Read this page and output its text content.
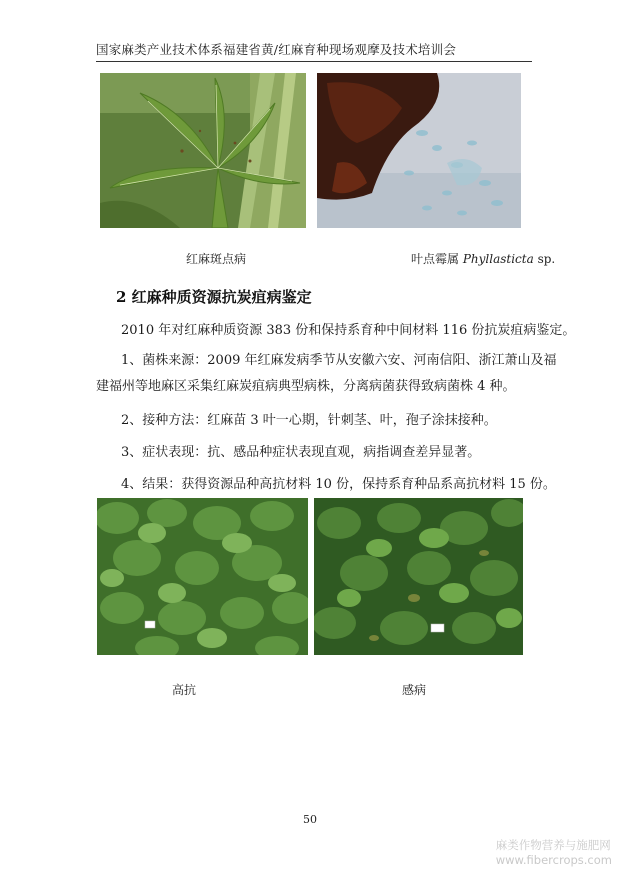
国家麻类产业技术体系福建省黄/红麻育种现场观摩及技术培训会
红麻斑点病	叶点霉属 Phyllasticta sp.
2 红麻种质资源抗炭疽病鉴定
2010 年对红麻种质资源 383 份和保持系育种中间材料 116 份抗炭疽病鉴定。
1、菌株来源：2009 年红麻发病季节从安徽六安、河南信阳、浙江萧山及福
建福州等地麻区采集红麻炭疽病典型病株，分离病菌获得致病菌株 4 种。
2、接种方法：红麻苗 3 叶一心期，针刺茎、叶，孢子涂抹接种。
3、症状表现：抗、感品种症状表现直观，病指调查差异显著。
4、结果：获得资源品种高抗材料 10 份，保持系育种品系高抗材料 15 份。
高抗	感病
50
麻类作物营养与施肥网
www.fibercrops.com
